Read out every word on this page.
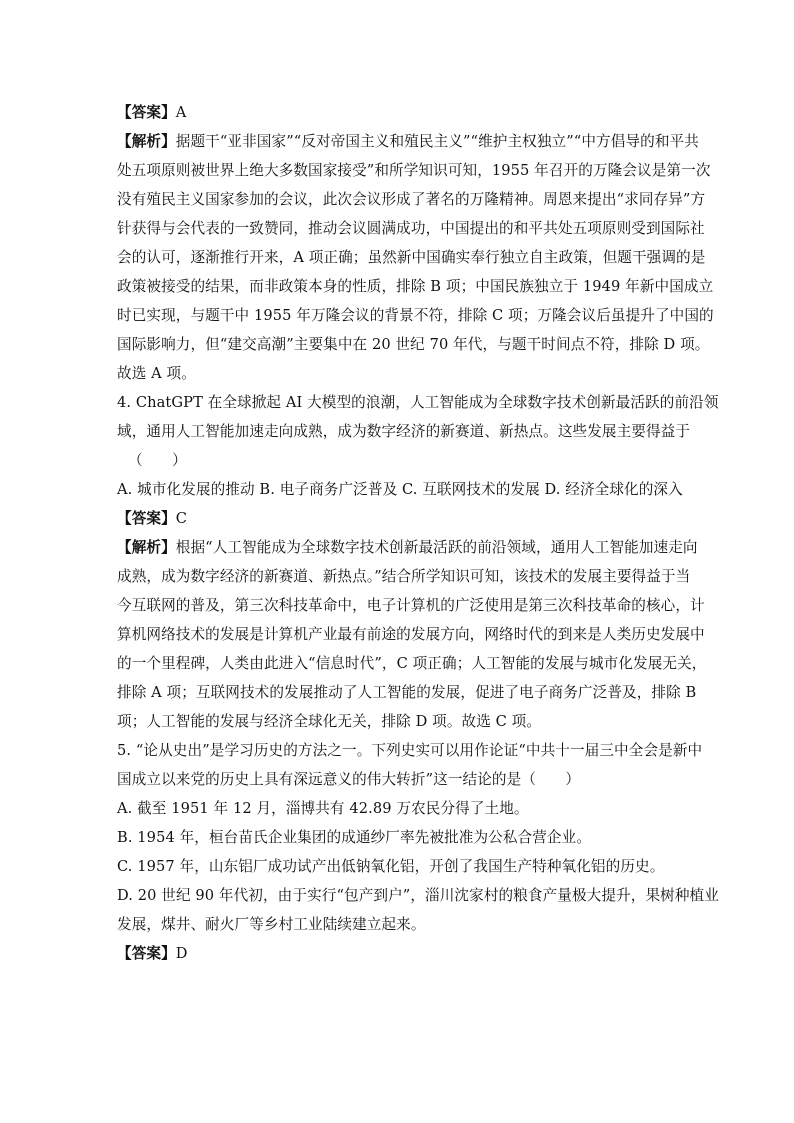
【答案】A
【解析】据题干“亚非国家”“反对帝国主义和殖民主义”“维护主权独立”“中方倡导的和平共
处五项原则被世界上绝大多数国家接受”和所学知识可知，1955 年召开的万隆会议是第一次
没有殖民主义国家参加的会议，此次会议形成了著名的万隆精神。周恩来提出“求同存异”方
针获得与会代表的一致赞同，推动会议圆满成功，中国提出的和平共处五项原则受到国际社
会的认可，逐渐推行开来，A 项正确；虽然新中国确实奉行独立自主政策，但题干强调的是
政策被接受的结果，而非政策本身的性质，排除 B 项；中国民族独立于 1949 年新中国成立
时已实现，与题干中 1955 年万隆会议的背景不符，排除 C 项；万隆会议后虽提升了中国的
国际影响力，但“建交高潮”主要集中在 20 世纪 70 年代，与题干时间点不符，排除 D 项。
故选 A 项。
4. ChatGPT 在全球掀起 AI 大模型的浪潮，人工智能成为全球数字技术创新最活跃的前沿领
域，通用人工智能加速走向成熟，成为数字经济的新赛道、新热点。这些发展主要得益于
（　　）
A. 城市化发展的推动 B. 电子商务广泛普及 C. 互联网技术的发展 D. 经济全球化的深入
【答案】C
【解析】根据“人工智能成为全球数字技术创新最活跃的前沿领域，通用人工智能加速走向
成熟，成为数字经济的新赛道、新热点。”结合所学知识可知，该技术的发展主要得益于当
今互联网的普及，第三次科技革命中，电子计算机的广泛使用是第三次科技革命的核心，计
算机网络技术的发展是计算机产业最有前途的发展方向，网络时代的到来是人类历史发展中
的一个里程碑，人类由此进入“信息时代”，C 项正确；人工智能的发展与城市化发展无关，
排除 A 项；互联网技术的发展推动了人工智能的发展，促进了电子商务广泛普及，排除 B
项；人工智能的发展与经济全球化无关，排除 D 项。故选 C 项。
5. “论从史出”是学习历史的方法之一。下列史实可以用作论证“中共十一届三中全会是新中
国成立以来党的历史上具有深远意义的伟大转折”这一结论的是（　　）
A. 截至 1951 年 12 月，淄博共有 42.89 万农民分得了土地。
B. 1954 年，桓台苗氏企业集团的成通纱厂率先被批准为公私合营企业。
C. 1957 年，山东铝厂成功试产出低钠氧化铝，开创了我国生产特种氧化铝的历史。
D. 20 世纪 90 年代初，由于实行“包产到户”，淄川沈家村的粮食产量极大提升，果树种植业
发展，煤井、耐火厂等乡村工业陆续建立起来。
【答案】D
